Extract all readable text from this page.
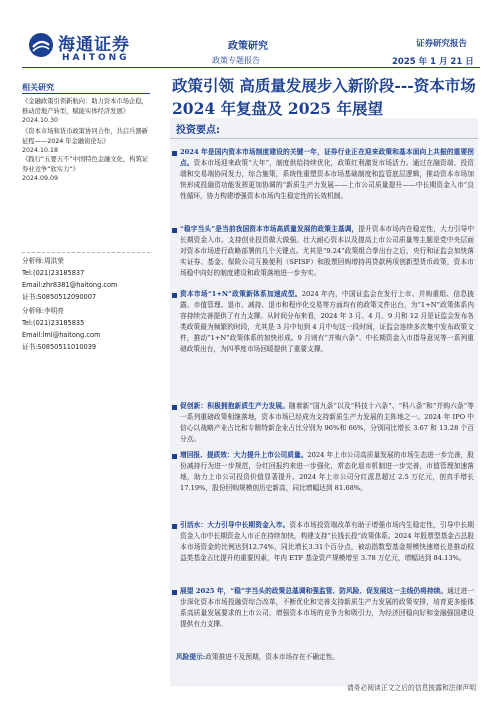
海通证券
HAITONG
政策研究
政策专题报告
证券研究报告
2025 年 1 月 21 日
政策引领 高质量发展步入新阶段---资本市场 2024 年复盘及 2025 年展望
相关研究
《金融政策引领新航向：助力资本市场企稳，推动房地产转型，赋能实体经济发展》
2024.10.30
《资本市场和货币政策协同合作，共启兵器新征程——2024 年金融街论坛》
2024.10.18
《践行“五要五不”中国特色金融文化，构筑证券业竞争“软实力”》
2024.09.09
分析师:周洪荣
Tel:(021)23185837
Email:zhr8381@haitong.com
证书:S0850512090007
分析师:李明亮
Tel:(021)23185835
Email:lml@haitong.com
证书:S0850511010039
投资要点:
2024 年是国内资本市场制度建设的关键一年，证券行业正在迎来政策和基本面向上共振的重要拐点。资本市场迎来政策“大年”，制度供给持续优化，政策红利激发市场活力。通过在融资端、投资端和交易端协同发力，综合施策，系统性重塑资本市场基础制度和监管底层逻辑，推动资本市场加快形成投融资功能发挥更加协调的“新质生产力发展——上市公司质量提升——中长期资金入市”良性循环，协力构建增强资本市场内生稳定性的长效机制。
“稳字当头”是当前我国资本市场高质量发展的政策主基调，提升资本市场内在稳定性，大力引导中长期资金入市。支持创业投资做大做强。壮大耐心资本以及提高上市公司质量等主题是党中央层面对资本市场进行政略部署的几个关键点。尤其是“9.24”政策组合拳出台之后，央行和证监会加快落实证券、基金、保险公司互换便利（SFISF）和股票回购增持再贷款两项创新型货币政策，资本市场稳中向好的制度建设和政策落地进一步夯实。
资本市场“1+N”政策新体系加速成型。2024 年内，中国证监会在发行上市、并购重组、信息披露、市值管理、退市、减持、退市和程序化交易等方面均有的政策文件出台，为“1+N”政策体系内容持续完善提供了有力支撑。从时间分布来看，2024 年 3 月、4 月、9 月和 12 月是证监会发布各类政策最为频繁的时段，尤其是 3 月中旬到 4 月中旬这一段时间，证监会连续多次集中发布政策文件，推动“1+N”政策体系的加快形成。9 月则有“并购六条”、中长期资金入市指导意见等一系列重磅政策出台，为四季度市场回暖提供了重要支撑。
促创新：积极拥抱新质生产力发展。随着新“国九条”以及“科技十六条”、“科八条”和“并购六条”等一系列重磅政策相继落地，资本市场已经成为支持新质生产力发展的主阵地之一。2024 年 IPO 中信心以战略产业占比和专精特新企业占比分别为 96%和 66%，分别同比增长 3.67 和 13.28 个百分点。
增回报、提质效：大力提升上市公司质量。2024 年上市公司高质量发展的市场生态进一步完善，股份减持行为进一步规范，分红回报约来进一步强化，常态化退市机制进一步完善，市值管理加速落地，助力上市公司投资价值显著提升。2024 年上市公司分红派息超过 2.5 万亿元，创真手增长 17.19%，股份回购规模创历史新高，同比增幅达到 81.68%。
引活水：大力引导中长期资金入市。资本市场投资端改革有助于增强市场内生稳定性，引导中长期资金入市中长期资金入市正在持续加快，构建支持“长钱长投”政策体系。2024 年股票型基金占总股本市场资金的比例达到12.74%，同比增长3.31个百分点，被动指数型基金规模快速增长是推动权益类基金占比提升的重要因素，年内 ETF 基金资产规模增至 3.78 万亿元，增幅达到 84.13%。
展望 2025 年，“稳”字当头的政策总基调和强监管、防风险、促发展这一主线仍将持续。通过进一步深化资本市场投融资综合改革，不断优化和完善支持新质生产力发展的政策安排，培育更多能体系高质量发展要求的上市公司，增强资本市场的竞争力和吸引力，为经济回稳向好和金融强国建设提供有力支撑。
风险提示:政策推进不及预期，资本市场存在不确定性。
请务必阅读正文之后的信息披露和法律声明
